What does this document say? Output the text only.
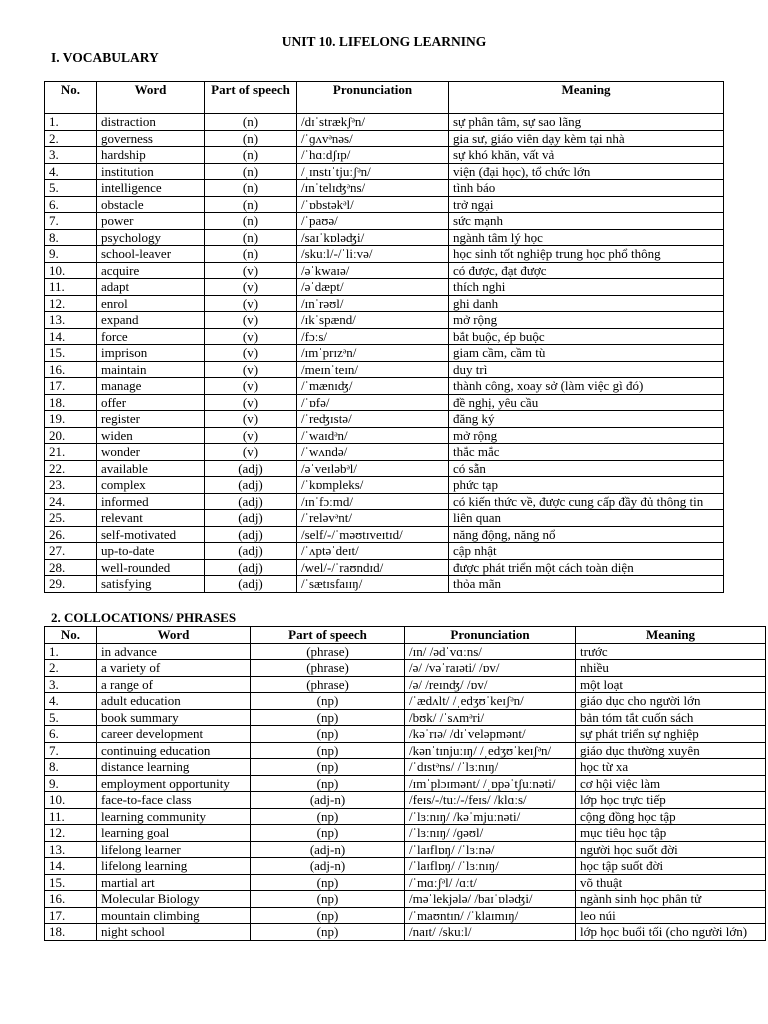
UNIT 10. LIFELONG LEARNING
I. VOCABULARY
No.	Word	Part of speech	Pronunciation	Meaning
1.	distraction	(n)	/dɪˈstrækʃᵊn/	sự phân tâm, sự sao lãng
2.	governess	(n)	/ˈɡʌvᵊnəs/	gia sư, giáo viên dạy kèm tại nhà
3.	hardship	(n)	/ˈhɑːdʃɪp/	sự khó khăn, vất vả
4.	institution	(n)	/ˌɪnstɪˈtjuːʃᵊn/	viện (đại học), tổ chức lớn
5.	intelligence	(n)	/ɪnˈtelɪʤᵊns/	tình báo
6.	obstacle	(n)	/ˈɒbstəkᵊl/	trở ngại
7.	power	(n)	/ˈpaʊə/	sức mạnh
8.	psychology	(n)	/saɪˈkɒləʤi/	ngành tâm lý học
9.	school-leaver	(n)	/skuːl/-/ˈliːvə/	học sinh tốt nghiệp trung học phổ thông
10.	acquire	(v)	/əˈkwaɪə/	có được, đạt được
11.	adapt	(v)	/əˈdæpt/	thích nghi
12.	enrol	(v)	/ɪnˈrəʊl/	ghi danh
13.	expand	(v)	/ɪkˈspænd/	mở rộng
14.	force	(v)	/fɔːs/	bắt buộc, ép buộc
15.	imprison	(v)	/ɪmˈprɪzᵊn/	giam cầm, cầm tù
16.	maintain	(v)	/meɪnˈteɪn/	duy trì
17.	manage	(v)	/ˈmænɪʤ/	thành công, xoay sở (làm việc gì đó)
18.	offer	(v)	/ˈɒfə/	đề nghị, yêu cầu
19.	register	(v)	/ˈreʤɪstə/	đăng ký
20.	widen	(v)	/ˈwaɪdᵊn/	mở rộng
21.	wonder	(v)	/ˈwʌndə/	thắc mắc
22.	available	(adj)	/əˈveɪləbᵊl/	có sẵn
23.	complex	(adj)	/ˈkɒmpleks/	phức tạp
24.	informed	(adj)	/ɪnˈfɔːmd/	có kiến thức về, được cung cấp đầy đủ thông tin
25.	relevant	(adj)	/ˈreləvᵊnt/	liên quan
26.	self-motivated	(adj)	/self/-/ˈməʊtɪveɪtɪd/	năng động, năng nổ
27.	up-to-date	(adj)	/ˈʌptəˈdeɪt/	cập nhật
28.	well-rounded	(adj)	/wel/-/ˈraʊndɪd/	được phát triển một cách toàn diện
29.	satisfying	(adj)	/ˈsætɪsfaɪɪŋ/	thỏa mãn
2. COLLOCATIONS/ PHRASES
No.	Word	Part of speech	Pronunciation	Meaning
1.	in advance	(phrase)	/ɪn/ /ədˈvɑːns/	trước
2.	a variety of	(phrase)	/ə/ /vəˈraɪəti/ /ɒv/	nhiều
3.	a range of	(phrase)	/ə/ /reɪnʤ/ /ɒv/	một loạt
4.	adult education	(np)	/ˈædʌlt/ /ˌedʒʊˈkeɪʃᵊn/	giáo dục cho người lớn
5.	book summary	(np)	/bʊk/ /ˈsʌmᵊri/	bản tóm tắt cuốn sách
6.	career development	(np)	/kəˈrɪə/ /dɪˈveləpmənt/	sự phát triển sự nghiệp
7.	continuing education	(np)	/kənˈtɪnjuːɪŋ/ /ˌedʒʊˈkeɪʃᵊn/	giáo dục thường xuyên
8.	distance learning	(np)	/ˈdɪstᵊns/ /ˈlɜːnɪŋ/	học từ xa
9.	employment opportunity	(np)	/ɪmˈplɔɪmənt/ /ˌɒpəˈtʃuːnəti/	cơ hội việc làm
10.	face-to-face class	(adj-n)	/feɪs/-/tuː/-/feɪs/ /klɑːs/	lớp học trực tiếp
11.	learning community	(np)	/ˈlɜːnɪŋ/ /kəˈmjuːnəti/	cộng đồng học tập
12.	learning goal	(np)	/ˈlɜːnɪŋ/ /ɡəʊl/	mục tiêu học tập
13.	lifelong learner	(adj-n)	/ˈlaɪflɒŋ/ /ˈlɜːnə/	người học suốt đời
14.	lifelong learning	(adj-n)	/ˈlaɪflɒŋ/ /ˈlɜːnɪŋ/	học tập suốt đời
15.	martial art	(np)	/ˈmɑːʃᵊl/ /ɑːt/	võ thuật
16.	Molecular Biology	(np)	/məˈlekjələ/ /baɪˈɒləʤi/	ngành sinh học phân tử
17.	mountain climbing	(np)	/ˈmaʊntɪn/ /ˈklaɪmɪŋ/	leo núi
18.	night school	(np)	/naɪt/ /skuːl/	lớp học buổi tối (cho người lớn)
